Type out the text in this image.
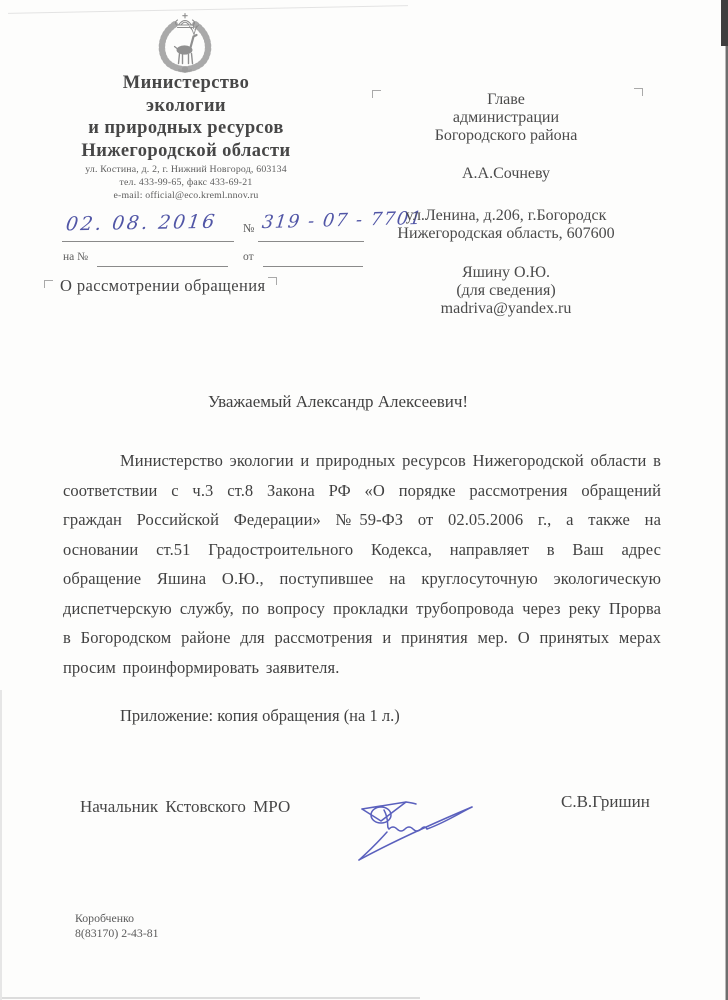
Министерство
экологии
и природных ресурсов
Нижегородской области
ул. Костина, д. 2, г. Нижний Новгород, 603134
тел. 433-99-65, факс 433-69-21
e-mail: official@eco.kreml.nnov.ru
02. 08. 2016 № 319 - 07 - 7701
на №	от
О рассмотрении обращения
Главе
администрации
Богородского района
А.А.Сочневу
ул.Ленина, д.206, г.Богородск
Нижегородская область, 607600
Яшину О.Ю.
(для сведения)
madriva@yandex.ru
Уважаемый Александр Алексеевич!
Министерство экологии и природных ресурсов Нижегородской области в соответствии с ч.3 ст.8 Закона РФ «О порядке рассмотрения обращений граждан Российской Федерации» №59-ФЗ от 02.05.2006 г., а также на основании ст.51 Градостроительного Кодекса, направляет в Ваш адрес обращение Яшина О.Ю., поступившее на круглосуточную экологическую диспетчерскую службу, по вопросу прокладки трубопровода через реку Прорва в Богородском районе для рассмотрения и принятия мер. О принятых мерах просим проинформировать заявителя.
Приложение: копия обращения (на 1 л.)
Начальник Кстовского МРО	С.В.Гришин
Коробченко
8(83170) 2-43-81
